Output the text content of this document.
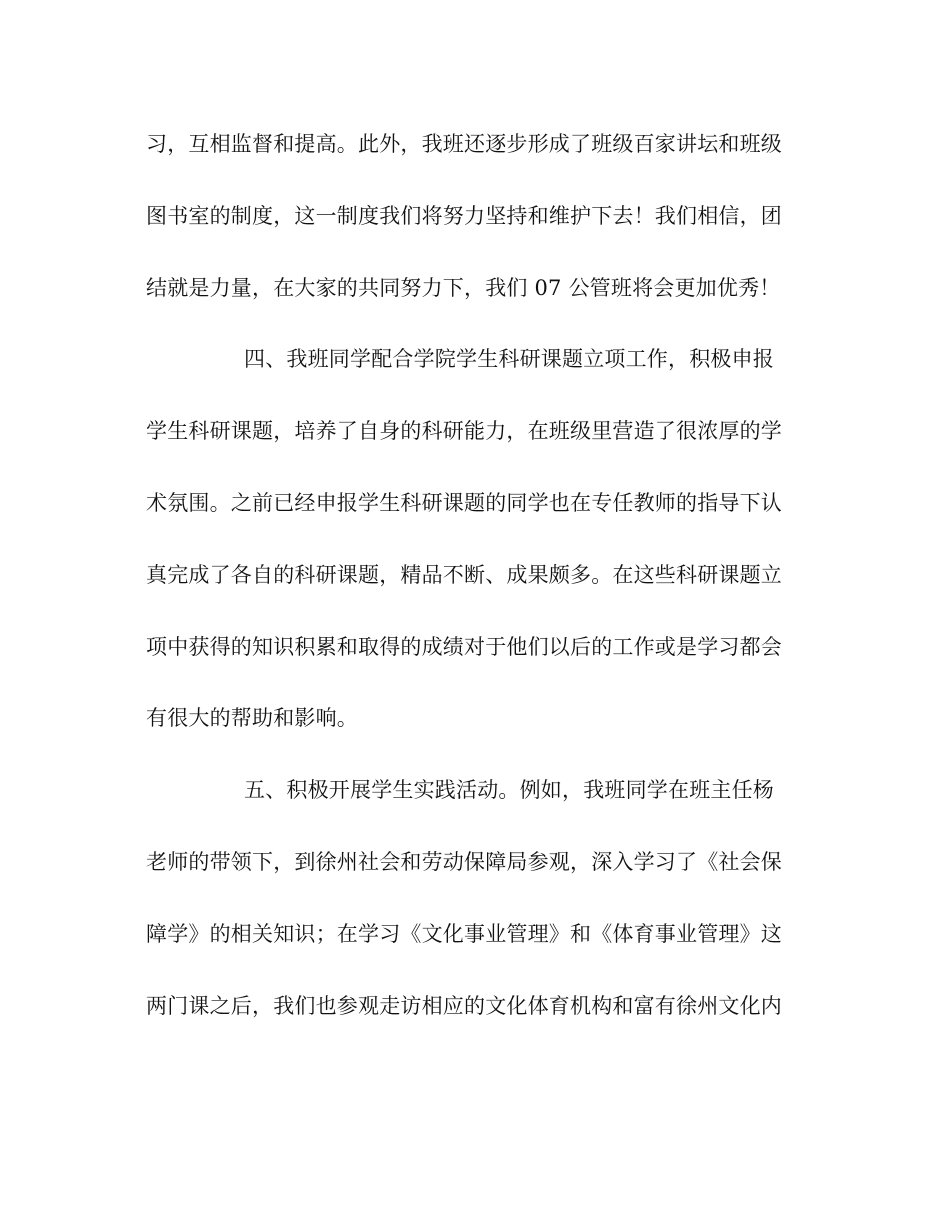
习，互相监督和提高。此外，我班还逐步形成了班级百家讲坛和班级
图书室的制度，这一制度我们将努力坚持和维护下去！我们相信，团
结就是力量，在大家的共同努力下，我们 07 公管班将会更加优秀！
四、我班同学配合学院学生科研课题立项工作，积极申报
学生科研课题，培养了自身的科研能力，在班级里营造了很浓厚的学
术氛围。之前已经申报学生科研课题的同学也在专任教师的指导下认
真完成了各自的科研课题，精品不断、成果颇多。在这些科研课题立
项中获得的知识积累和取得的成绩对于他们以后的工作或是学习都会
有很大的帮助和影响。
五、积极开展学生实践活动。例如，我班同学在班主任杨
老师的带领下，到徐州社会和劳动保障局参观，深入学习了《社会保
障学》的相关知识；在学习《文化事业管理》和《体育事业管理》这
两门课之后，我们也参观走访相应的文化体育机构和富有徐州文化内
